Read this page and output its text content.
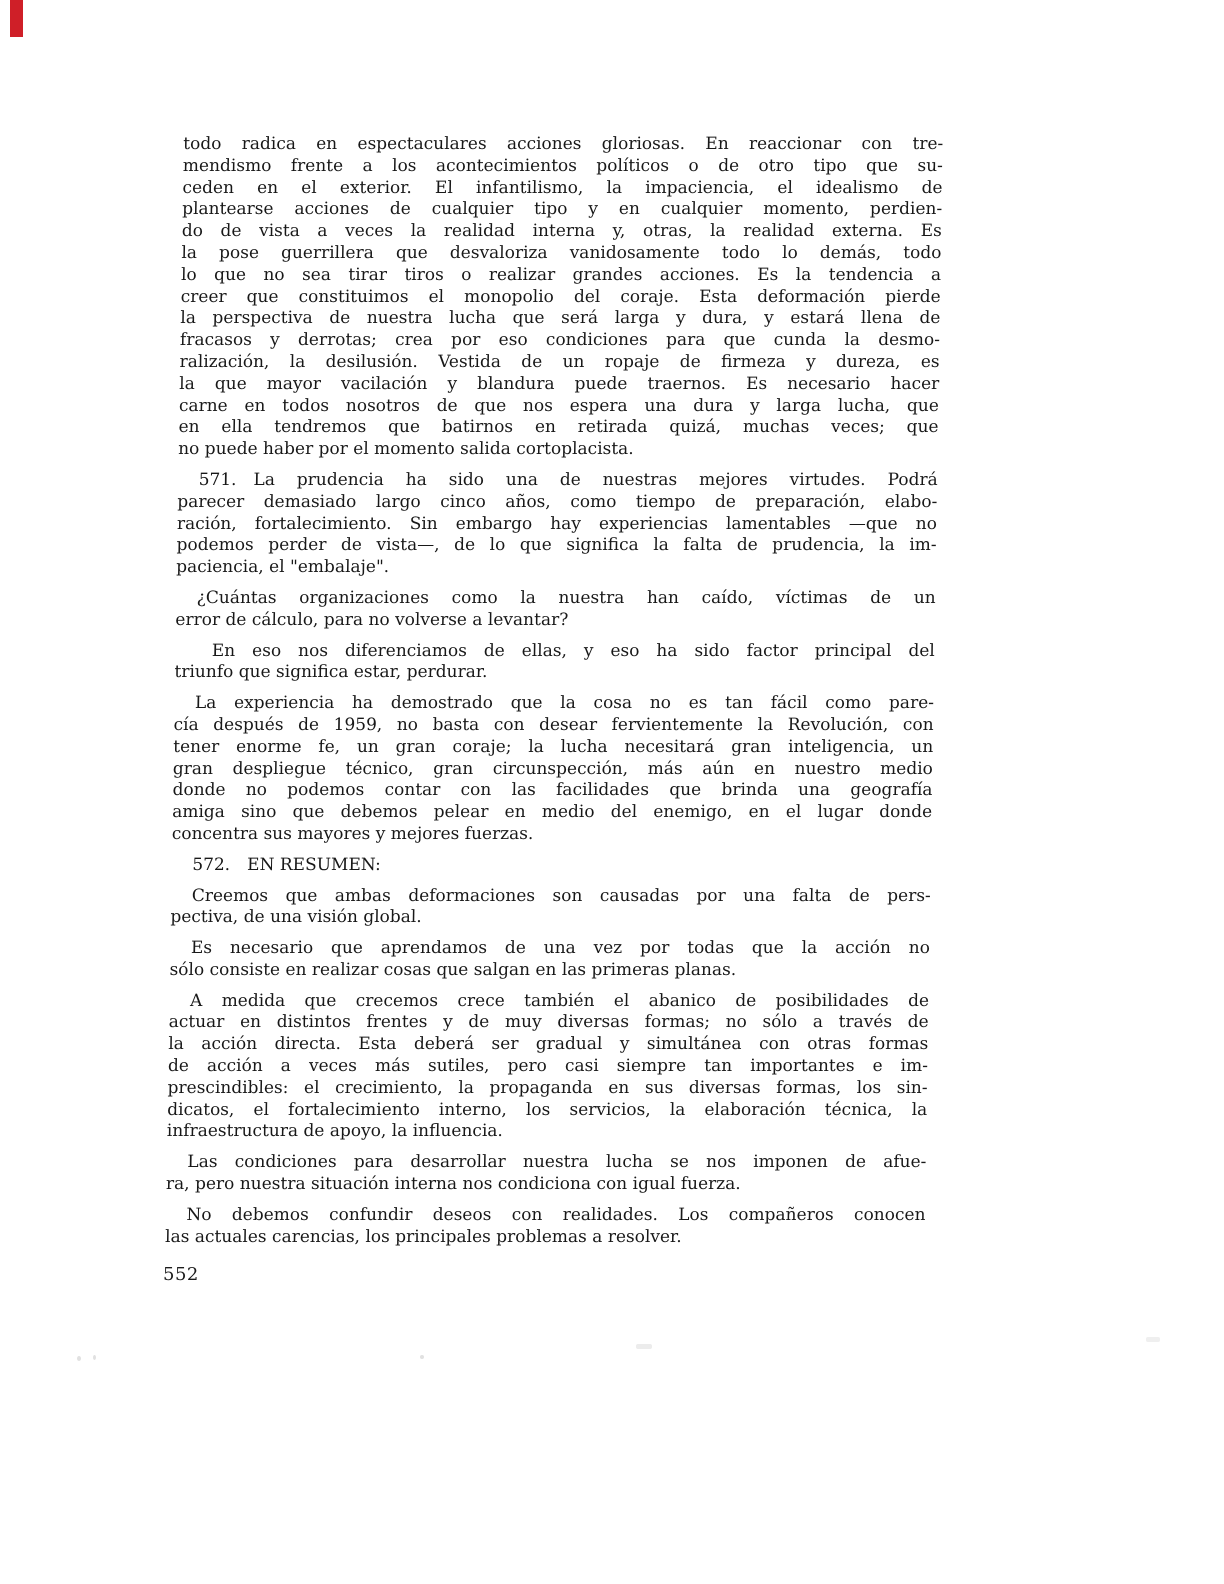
todo radica en espectaculares acciones gloriosas. En reaccionar con tre-
mendismo frente a los acontecimientos políticos o de otro tipo que su-
ceden en el exterior. El infantilismo, la impaciencia, el idealismo de
plantearse acciones de cualquier tipo y en cualquier momento, perdien-
do de vista a veces la realidad interna y, otras, la realidad externa. Es
la pose guerrillera que desvaloriza vanidosamente todo lo demás, todo
lo que no sea tirar tiros o realizar grandes acciones. Es la tendencia a
creer que constituimos el monopolio del coraje. Esta deformación pierde
la perspectiva de nuestra lucha que será larga y dura, y estará llena de
fracasos y derrotas; crea por eso condiciones para que cunda la desmo-
ralización, la desilusión. Vestida de un ropaje de firmeza y dureza, es
la que mayor vacilación y blandura puede traernos. Es necesario hacer
carne en todos nosotros de que nos espera una dura y larga lucha, que
en ella tendremos que batirnos en retirada quizá, muchas veces; que
no puede haber por el momento salida cortoplacista.
571. La prudencia ha sido una de nuestras mejores virtudes. Podrá
parecer demasiado largo cinco años, como tiempo de preparación, elabo-
ración, fortalecimiento. Sin embargo hay experiencias lamentables —que no
podemos perder de vista—, de lo que significa la falta de prudencia, la im-
paciencia, el "embalaje".
¿Cuántas organizaciones como la nuestra han caído, víctimas de un
error de cálculo, para no volverse a levantar?
En eso nos diferenciamos de ellas, y eso ha sido factor principal del
triunfo que significa estar, perdurar.
La experiencia ha demostrado que la cosa no es tan fácil como pare-
cía después de 1959, no basta con desear fervientemente la Revolución, con
tener enorme fe, un gran coraje; la lucha necesitará gran inteligencia, un
gran despliegue técnico, gran circunspección, más aún en nuestro medio
donde no podemos contar con las facilidades que brinda una geografía
amiga sino que debemos pelear en medio del enemigo, en el lugar donde
concentra sus mayores y mejores fuerzas.
572. EN RESUMEN:
Creemos que ambas deformaciones son causadas por una falta de pers-
pectiva, de una visión global.
Es necesario que aprendamos de una vez por todas que la acción no
sólo consiste en realizar cosas que salgan en las primeras planas.
A medida que crecemos crece también el abanico de posibilidades de
actuar en distintos frentes y de muy diversas formas; no sólo a través de
la acción directa. Esta deberá ser gradual y simultánea con otras formas
de acción a veces más sutiles, pero casi siempre tan importantes e im-
prescindibles: el crecimiento, la propaganda en sus diversas formas, los sin-
dicatos, el fortalecimiento interno, los servicios, la elaboración técnica, la
infraestructura de apoyo, la influencia.
Las condiciones para desarrollar nuestra lucha se nos imponen de afue-
ra, pero nuestra situación interna nos condiciona con igual fuerza.
No debemos confundir deseos con realidades. Los compañeros conocen
las actuales carencias, los principales problemas a resolver.
552
